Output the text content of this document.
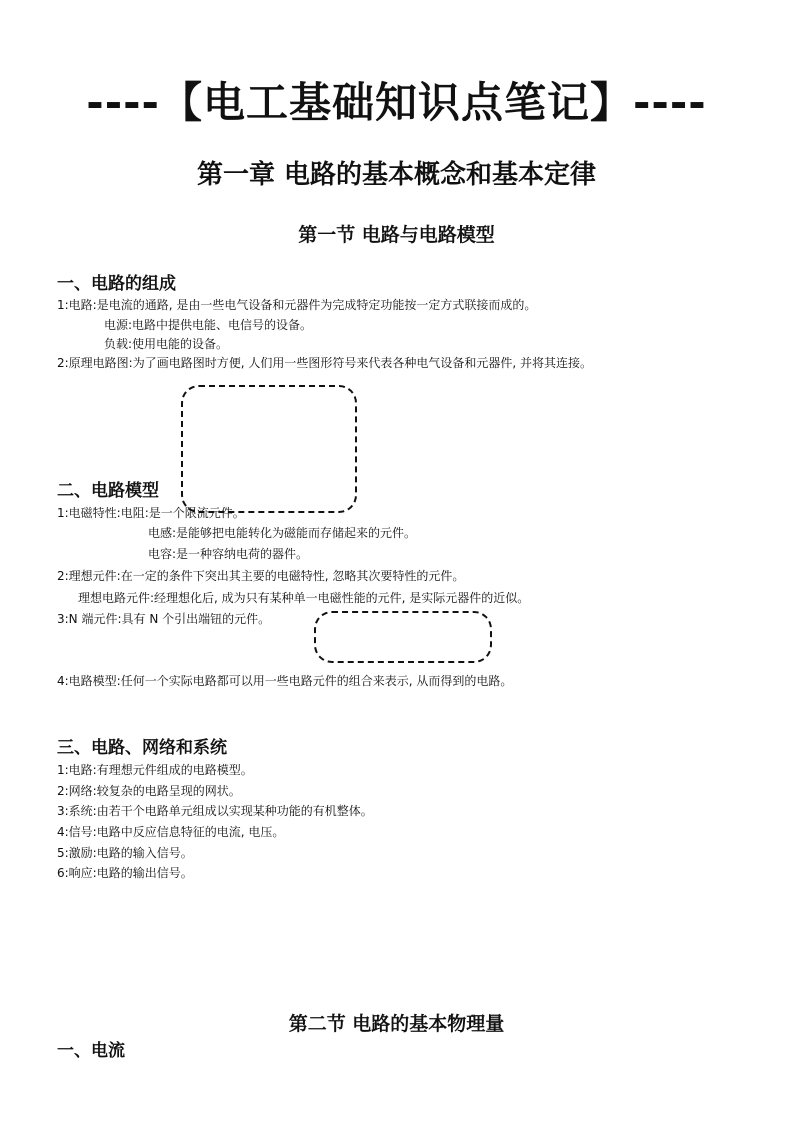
----【电工基础知识点笔记】----
第一章 电路的基本概念和基本定律
第一节 电路与电路模型
一、电路的组成
1:电路:是电流的通路, 是由一些电气设备和元器件为完成特定功能按一定方式联接而成的。
电源:电路中提供电能、电信号的设备。
负载:使用电能的设备。
2:原理电路图:为了画电路图时方便, 人们用一些图形符号来代表各种电气设备和元器件, 并将其连接。
二、电路模型
1:电磁特性:电阻:是一个限流元件。
电感:是能够把电能转化为磁能而存储起来的元件。
电容:是一种容纳电荷的器件。
2:理想元件:在一定的条件下突出其主要的电磁特性, 忽略其次要特性的元件。
理想电路元件:经理想化后, 成为只有某种单一电磁性能的元件, 是实际元器件的近似。
3:N 端元件:具有 N 个引出端钮的元件。
4:电路模型:任何一个实际电路都可以用一些电路元件的组合来表示, 从而得到的电路。
三、电路、网络和系统
1:电路:有理想元件组成的电路模型。
2:网络:较复杂的电路呈现的网状。
3:系统:由若干个电路单元组成以实现某种功能的有机整体。
4:信号:电路中反应信息特征的电流, 电压。
5:激励:电路的输入信号。
6:响应:电路的输出信号。
第二节 电路的基本物理量
一、电流
